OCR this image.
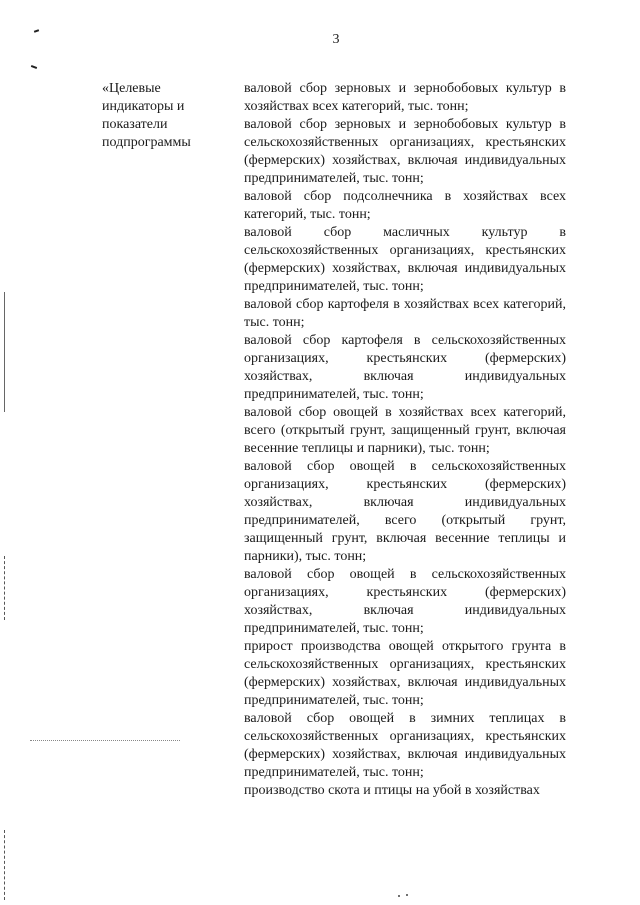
3
«Целевые
индикаторы и
показатели
подпрограммы

валовой сбор зерновых и зернобобовых культур в хозяйствах всех категорий, тыс. тонн;

валовой сбор зерновых и зернобобовых культур в сельскохозяйственных организациях, крестьянских (фермерских) хозяйствах, включая индивидуальных предпринимателей, тыс. тонн;

валовой сбор подсолнечника в хозяйствах всех категорий, тыс. тонн;

валовой сбор масличных культур в сельскохозяйственных организациях, крестьянских (фермерских) хозяйствах, включая индивидуальных предпринимателей, тыс. тонн;

валовой сбор картофеля в хозяйствах всех категорий, тыс. тонн;

валовой сбор картофеля в сельскохозяйственных организациях, крестьянских (фермерских) хозяйствах, включая индивидуальных предпринимателей, тыс. тонн;

валовой сбор овощей в хозяйствах всех категорий, всего (открытый грунт, защищенный грунт, включая весенние теплицы и парники), тыс. тонн;

валовой сбор овощей в сельскохозяйственных организациях, крестьянских (фермерских) хозяйствах, включая индивидуальных предпринимателей, всего (открытый грунт, защищенный грунт, включая весенние теплицы и парники), тыс. тонн;

валовой сбор овощей в сельскохозяйственных организациях, крестьянских (фермерских) хозяйствах, включая индивидуальных предпринимателей, тыс. тонн;

прирост производства овощей открытого грунта в сельскохозяйственных организациях, крестьянских (фермерских) хозяйствах, включая индивидуальных предпринимателей, тыс. тонн;

валовой сбор овощей в зимних теплицах в сельскохозяйственных организациях, крестьянских (фермерских) хозяйствах, включая индивидуальных предпринимателей, тыс. тонн;

производство скота и птицы на убой в хозяйствах
